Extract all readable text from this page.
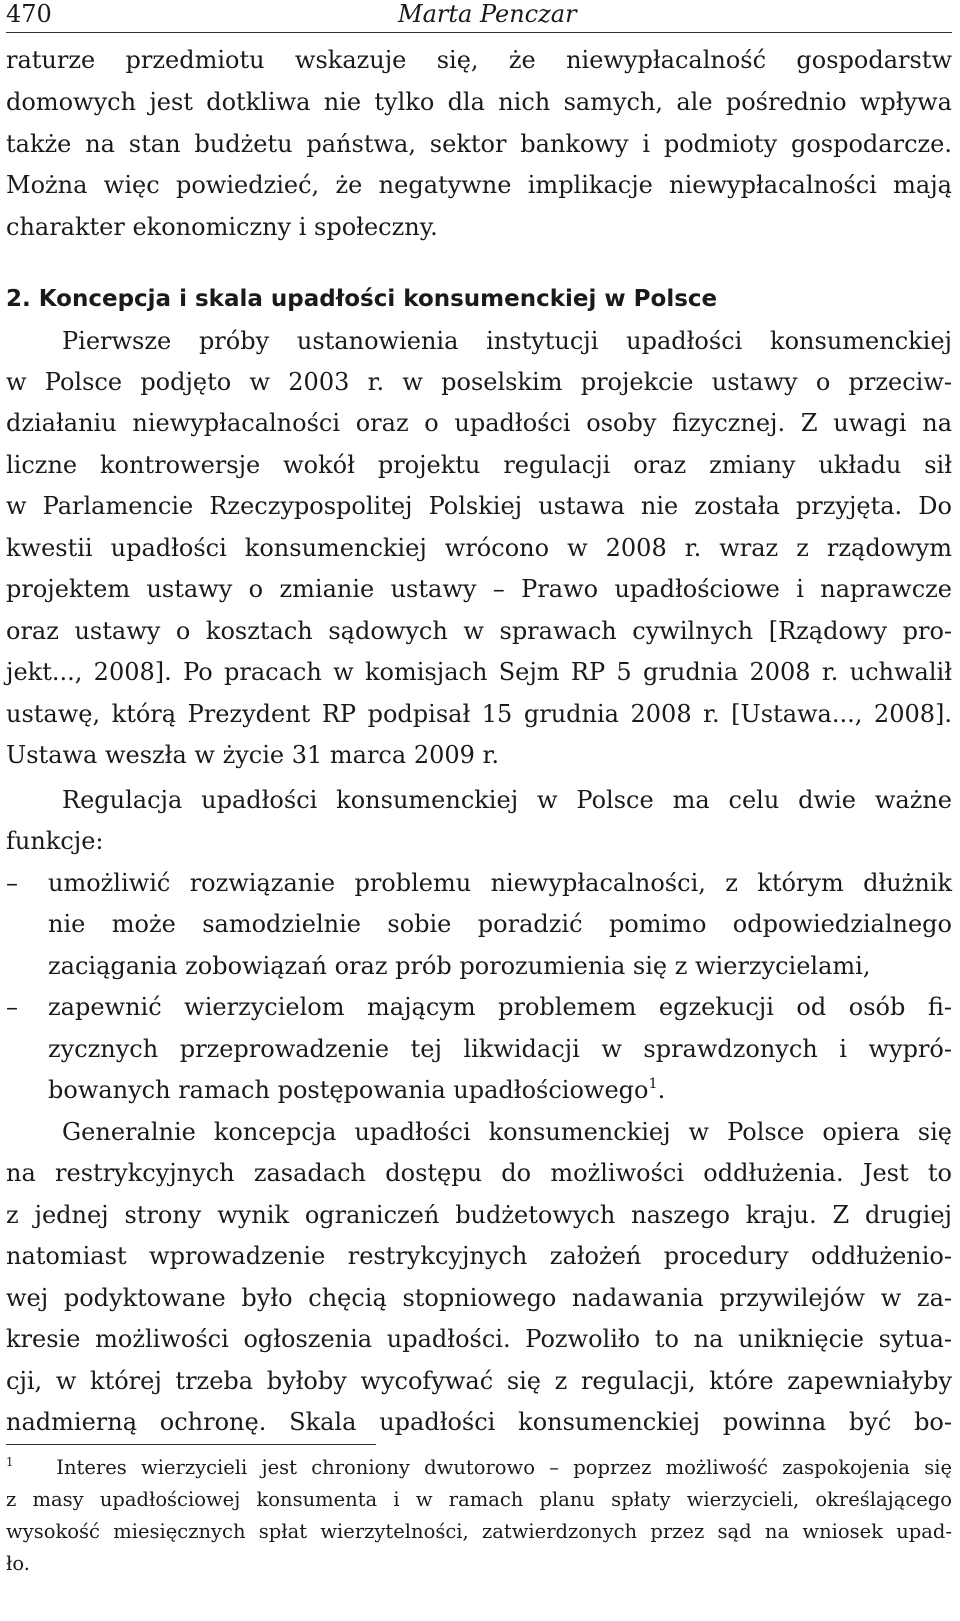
470	Marta Penczar
raturze przedmiotu wskazuje się, że niewypłacalność gospodarstw
domowych jest dotkliwa nie tylko dla nich samych, ale pośrednio wpływa
także na stan budżetu państwa, sektor bankowy i podmioty gospodarcze.
Można więc powiedzieć, że negatywne implikacje niewypłacalności mają
charakter ekonomiczny i społeczny.
2. Koncepcja i skala upadłości konsumenckiej w Polsce
Pierwsze próby ustanowienia instytucji upadłości konsumenckiej
w Polsce podjęto w 2003 r. w poselskim projekcie ustawy o przeciw-
działaniu niewypłacalności oraz o upadłości osoby fizycznej. Z uwagi na
liczne kontrowersje wokół projektu regulacji oraz zmiany układu sił
w Parlamencie Rzeczypospolitej Polskiej ustawa nie została przyjęta. Do
kwestii upadłości konsumenckiej wrócono w 2008 r. wraz z rządowym
projektem ustawy o zmianie ustawy – Prawo upadłościowe i naprawcze
oraz ustawy o kosztach sądowych w sprawach cywilnych [Rządowy pro-
jekt..., 2008]. Po pracach w komisjach Sejm RP 5 grudnia 2008 r. uchwalił
ustawę, którą Prezydent RP podpisał 15 grudnia 2008 r. [Ustawa..., 2008].
Ustawa weszła w życie 31 marca 2009 r.
Regulacja upadłości konsumenckiej w Polsce ma celu dwie ważne
funkcje:
– umożliwić rozwiązanie problemu niewypłacalności, z którym dłużnik
nie może samodzielnie sobie poradzić pomimo odpowiedzialnego
zaciągania zobowiązań oraz prób porozumienia się z wierzycielami,
– zapewnić wierzycielom mającym problemem egzekucji od osób fi-
zycznych przeprowadzenie tej likwidacji w sprawdzonych i wypró-
bowanych ramach postępowania upadłościowego$^1$.
Generalnie koncepcja upadłości konsumenckiej w Polsce opiera się
na restrykcyjnych zasadach dostępu do możliwości oddłużenia. Jest to
z jednej strony wynik ograniczeń budżetowych naszego kraju. Z drugiej
natomiast wprowadzenie restrykcyjnych założeń procedury oddłużenio-
wej podyktowane było chęcią stopniowego nadawania przywilejów w za-
kresie możliwości ogłoszenia upadłości. Pozwoliło to na uniknięcie sytua-
cji, w której trzeba byłoby wycofywać się z regulacji, które zapewniałyby
nadmierną ochronę. Skala upadłości konsumenckiej powinna być bo-
$^1$ Interes wierzycieli jest chroniony dwutorowo – poprzez możliwość zaspokojenia się
z masy upadłościowej konsumenta i w ramach planu spłaty wierzycieli, określającego
wysokość miesięcznych spłat wierzytelności, zatwierdzonych przez sąd na wniosek upad-
ło.
